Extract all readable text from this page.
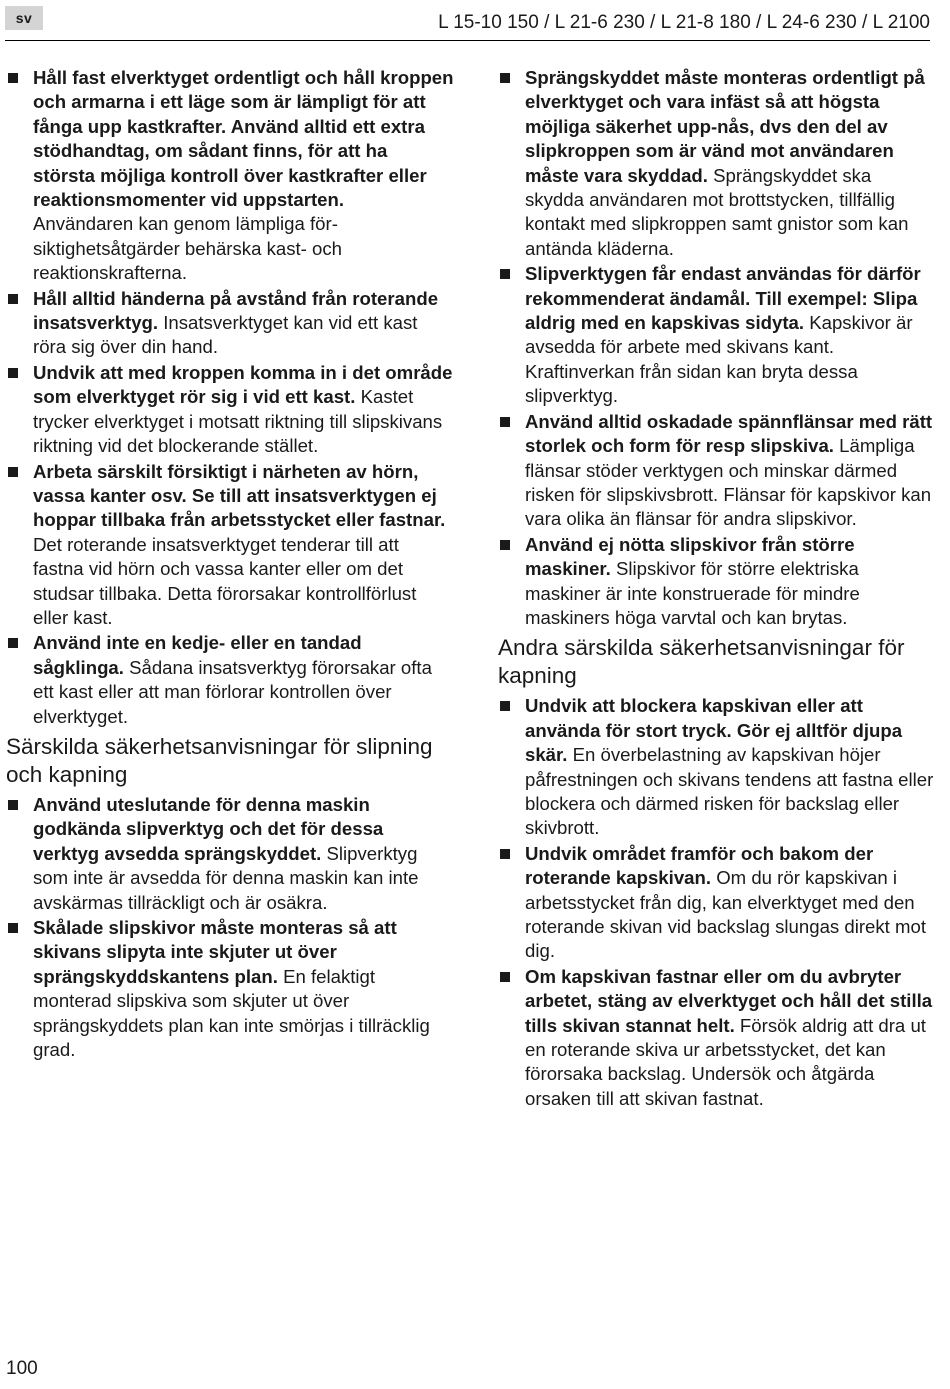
sv	L 15-10 150 / L 21-6 230 / L 21-8 180 / L 24-6 230 / L 2100
Håll fast elverktyget ordentligt och håll kroppen och armarna i ett läge som är lämpligt för att fånga upp kastkrafter. Använd alltid ett extra stödhandtag, om sådant finns, för att ha största möjliga kontroll över kastkrafter eller reaktionsmomenter vid uppstarten.
Användaren kan genom lämpliga försiktighetsåtgärder behärska kast- och reaktionskrafterna.
Håll alltid händerna på avstånd från roterande insatsverktyg. Insatsverktyget kan vid ett kast röra sig över din hand.
Undvik att med kroppen komma in i det område som elverktyget rör sig i vid ett kast. Kastet trycker elverktyget i motsatt riktning till slipskivans riktning vid det blockerande stället.
Arbeta särskilt försiktigt i närheten av hörn, vassa kanter osv. Se till att insatsverktygen ej hoppar tillbaka från arbetsstycket eller fastnar. Det roterande insatsverktyget tenderar till att fastna vid hörn och vassa kanter eller om det studsar tillbaka. Detta förorsakar kontrollförlust eller kast.
Använd inte en kedje- eller en tandad sågklinga. Sådana insatsverktyg förorsakar ofta ett kast eller att man förlorar kontrollen över elverktyget.
Särskilda säkerhetsanvisningar för slipning och kapning
Använd uteslutande för denna maskin godkända slipverktyg och det för dessa verktyg avsedda sprängskyddet. Slipverktyg som inte är avsedda för denna maskin kan inte avskärmas tillräckligt och är osäkra.
Skålade slipskivor måste monteras så att skivans slipyta inte skjuter ut över sprängskyddskantens plan. En felaktigt monterad slipskiva som skjuter ut över sprängskyddets plan kan inte smörjas i tillräcklig grad.
Sprängskyddet måste monteras ordentligt på elverktyget och vara infäst så att högsta möjliga säkerhet upp-nås, dvs den del av slipkroppen som är vänd mot användaren måste vara skyddad. Sprängskyddet ska skydda användaren mot brottstycken, tillfällig kontakt med slipkroppen samt gnistor som kan antända kläderna.
Slipverktygen får endast användas för därför rekommenderat ändamål. Till exempel: Slipa aldrig med en kapskivas sidyta. Kapskivor är avsedda för arbete med skivans kant. Kraftinverkan från sidan kan bryta dessa slipverktyg.
Använd alltid oskadade spännflänsar med rätt storlek och form för resp slipskiva. Lämpliga flänsar stöder verktygen och minskar därmed risken för slipskivsbrott. Flänsar för kapskivor kan vara olika än flänsar för andra slipskivor.
Använd ej nötta slipskivor från större maskiner. Slipskivor för större elektriska maskiner är inte konstruerade för mindre maskiners höga varvtal och kan brytas.
Andra särskilda säkerhetsanvisningar för kapning
Undvik att blockera kapskivan eller att använda för stort tryck. Gör ej alltför djupa skär. En överbelastning av kapskivan höjer påfrestningen och skivans tendens att fastna eller blockera och därmed risken för backslag eller skivbrott.
Undvik området framför och bakom der roterande kapskivan. Om du rör kapskivan i arbetsstycket från dig, kan elverktyget med den roterande skivan vid backslag slungas direkt mot dig.
Om kapskivan fastnar eller om du avbryter arbetet, stäng av elverktyget och håll det stilla tills skivan stannat helt. Försök aldrig att dra ut en roterande skiva ur arbetsstycket, det kan förorsaka backslag. Undersök och åtgärda orsaken till att skivan fastnat.
100
